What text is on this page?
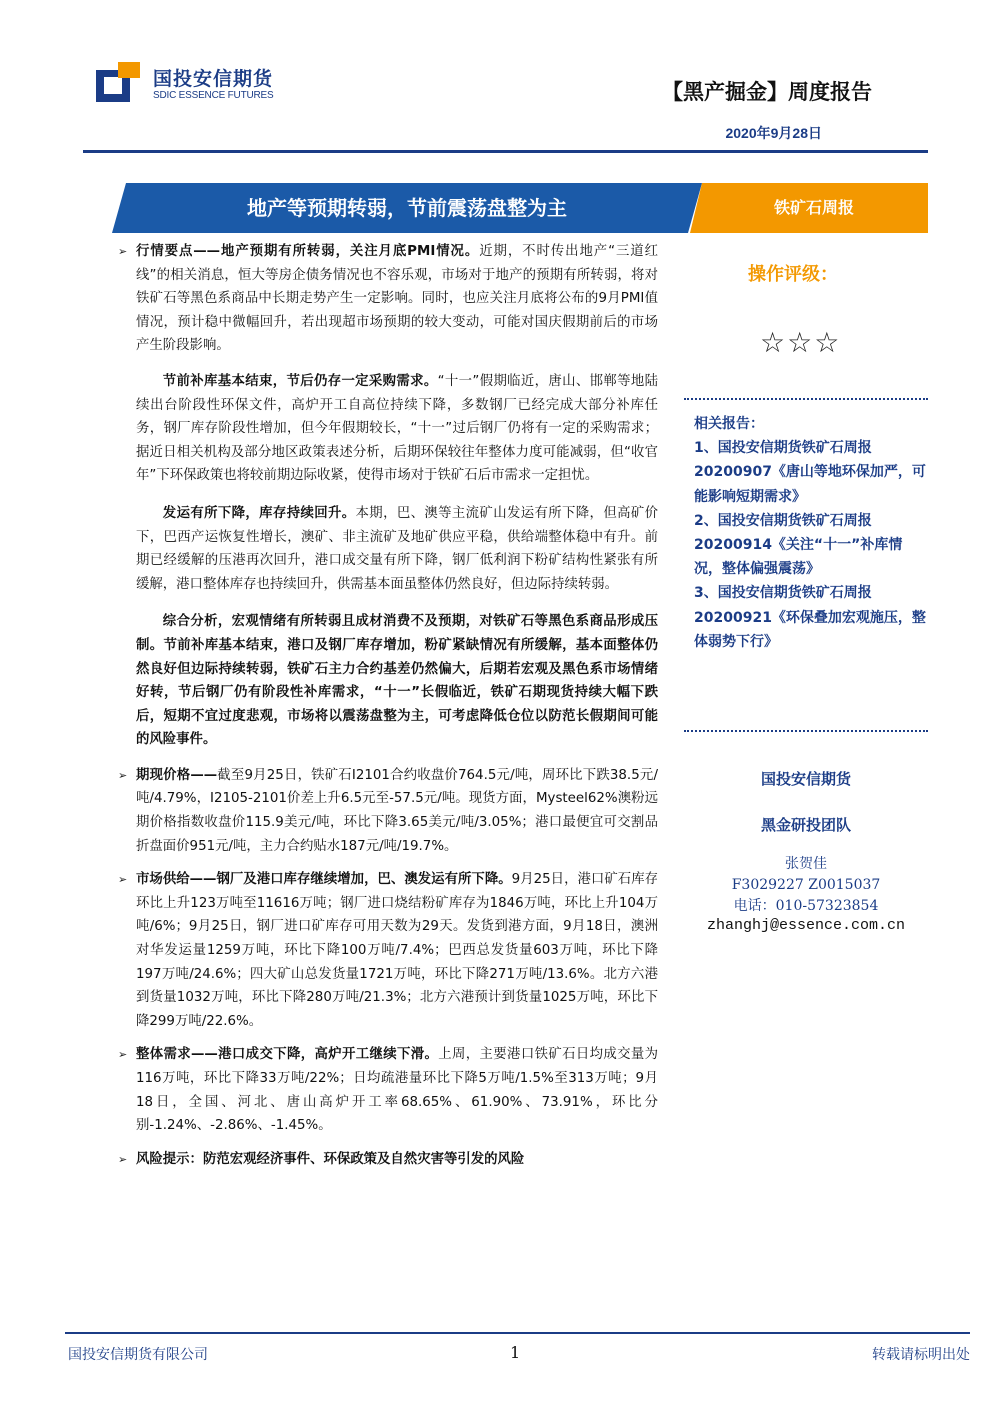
国投安信期货
SDIC ESSENCE FUTURES	【黑产掘金】周度报告
2020年9月28日
地产等预期转弱，节前震荡盘整为主	铁矿石周报
➢ 行情要点——地产预期有所转弱，关注月底PMI情况。近期，不时传出地产“三道红线”的相关消息，恒大等房企债务情况也不容乐观，市场对于地产的预期有所转弱，将对铁矿石等黑色系商品中长期走势产生一定影响。同时，也应关注月底将公布的9月PMI值情况，预计稳中微幅回升，若出现超市场预期的较大变动，可能对国庆假期前后的市场产生阶段影响。

节前补库基本结束，节后仍存一定采购需求。“十一”假期临近，唐山、邯郸等地陆续出台阶段性环保文件，高炉开工自高位持续下降，多数钢厂已经完成大部分补库任务，钢厂库存阶段性增加，但今年假期较长，“十一”过后钢厂仍将有一定的采购需求；据近日相关机构及部分地区政策表述分析，后期环保较往年整体力度可能减弱，但“收官年”下环保政策也将较前期边际收紧，使得市场对于铁矿石后市需求一定担忧。

发运有所下降，库存持续回升。本期，巴、澳等主流矿山发运有所下降，但高矿价下，巴西产运恢复性增长，澳矿、非主流矿及地矿供应平稳，供给端整体稳中有升。前期已经缓解的压港再次回升，港口成交量有所下降，钢厂低利润下粉矿结构性紧张有所缓解，港口整体库存也持续回升，供需基本面虽整体仍然良好，但边际持续转弱。

综合分析，宏观情绪有所转弱且成材消费不及预期，对铁矿石等黑色系商品形成压制。节前补库基本结束，港口及钢厂库存增加，粉矿紧缺情况有所缓解，基本面整体仍然良好但边际持续转弱，铁矿石主力合约基差仍然偏大，后期若宏观及黑色系市场情绪好转，节后钢厂仍有阶段性补库需求，“十一”长假临近，铁矿石期现货持续大幅下跌后，短期不宜过度悲观，市场将以震荡盘整为主，可考虑降低仓位以防范长假期间可能的风险事件。

➢ 期现价格——截至9月25日，铁矿石I2101合约收盘价764.5元/吨，周环比下跌38.5元/吨/4.79%，I2105-2101价差上升6.5元至-57.5元/吨。现货方面，Mysteel62%澳粉远期价格指数收盘价115.9美元/吨，环比下降3.65美元/吨/3.05%；港口最便宜可交割品折盘面价951元/吨，主力合约贴水187元/吨/19.7%。
➢ 市场供给——钢厂及港口库存继续增加，巴、澳发运有所下降。9月25日，港口矿石库存环比上升123万吨至11616万吨；钢厂进口烧结粉矿库存为1846万吨，环比上升104万吨/6%；9月25日，钢厂进口矿库存可用天数为29天。发货到港方面，9月18日，澳洲对华发运量1259万吨，环比下降100万吨/7.4%；巴西总发货量603万吨，环比下降197万吨/24.6%；四大矿山总发货量1721万吨，环比下降271万吨/13.6%。北方六港到货量1032万吨，环比下降280万吨/21.3%；北方六港预计到货量1025万吨，环比下降299万吨/22.6%。
➢ 整体需求——港口成交下降，高炉开工继续下滑。上周，主要港口铁矿石日均成交量为116万吨，环比下降33万吨/22%；日均疏港量环比下降5万吨/1.5%至313万吨；9月18日，全国、河北、唐山高炉开工率68.65%、61.90%、73.91%，环比分别-1.24%、-2.86%、-1.45%。
➢ 风险提示：防范宏观经济事件、环保政策及自然灾害等引发的风险
操作评级：
☆☆☆

相关报告：

1、国投安信期货铁矿石周报20200907《唐山等地环保加严，可能影响短期需求》

2、国投安信期货铁矿石周报20200914《关注“十一”补库情况，整体偏强震荡》

3、国投安信期货铁矿石周报20200921《环保叠加宏观施压，整体弱势下行》

国投安信期货
黑金研投团队
张贺佳
F3029227 Z0015037
电话：010-57323854
zhanghj@essence.com.cn
国投安信期货有限公司	1	转载请标明出处
